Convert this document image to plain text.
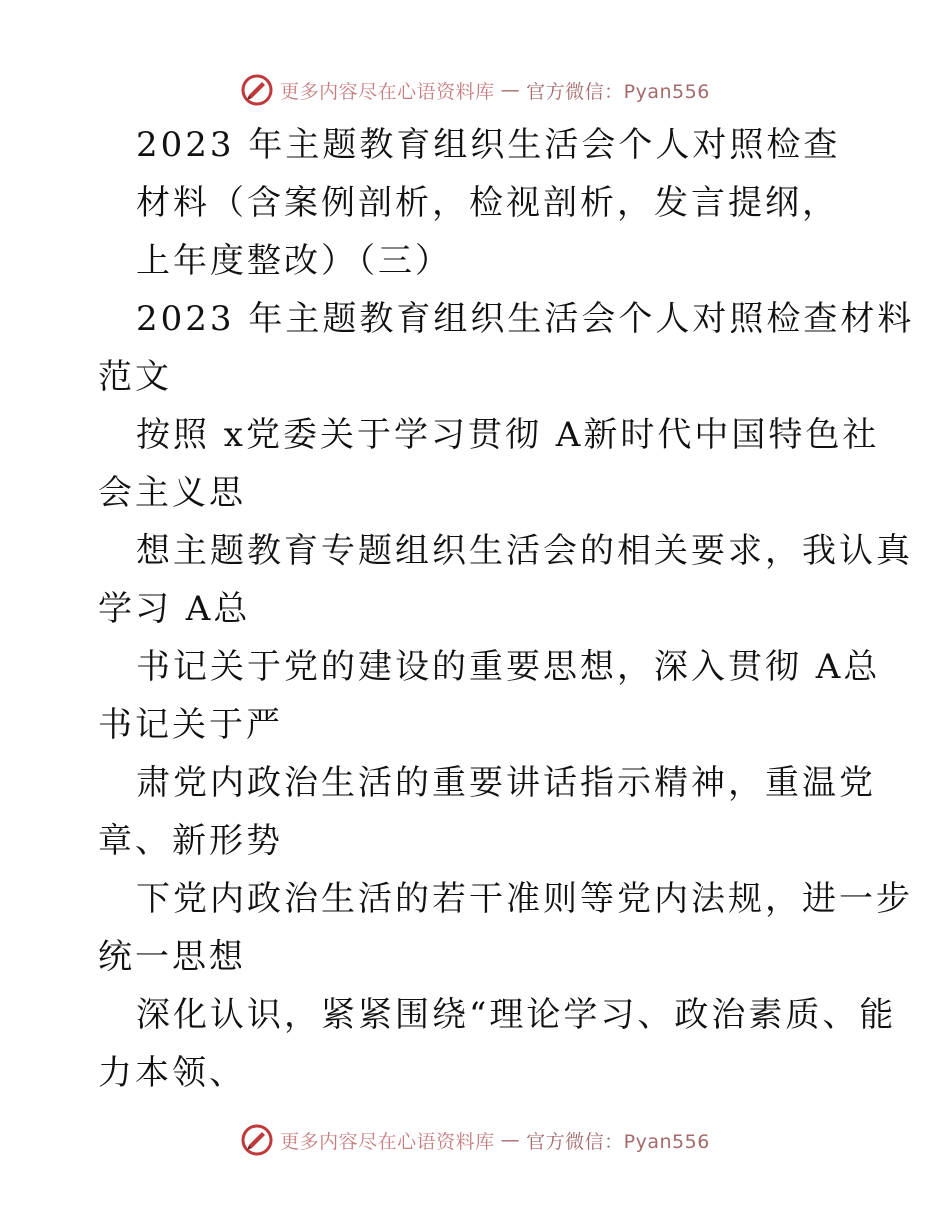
更多内容尽在心语资料库 — 官方微信：Pyan556
2023 年主题教育组织生活会个人对照检查
材料（含案例剖析，检视剖析，发言提纲，
上年度整改）（三）
2023 年主题教育组织生活会个人对照检查材料
范文
按照 x党委关于学习贯彻 A新时代中国特色社
会主义思
想主题教育专题组织生活会的相关要求，我认真
学习 A总
书记关于党的建设的重要思想，深入贯彻 A总
书记关于严
肃党内政治生活的重要讲话指示精神，重温党
章、新形势
下党内政治生活的若干准则等党内法规，进一步
统一思想
深化认识，紧紧围绕“理论学习、政治素质、能
力本领、
更多内容尽在心语资料库 — 官方微信：Pyan556
